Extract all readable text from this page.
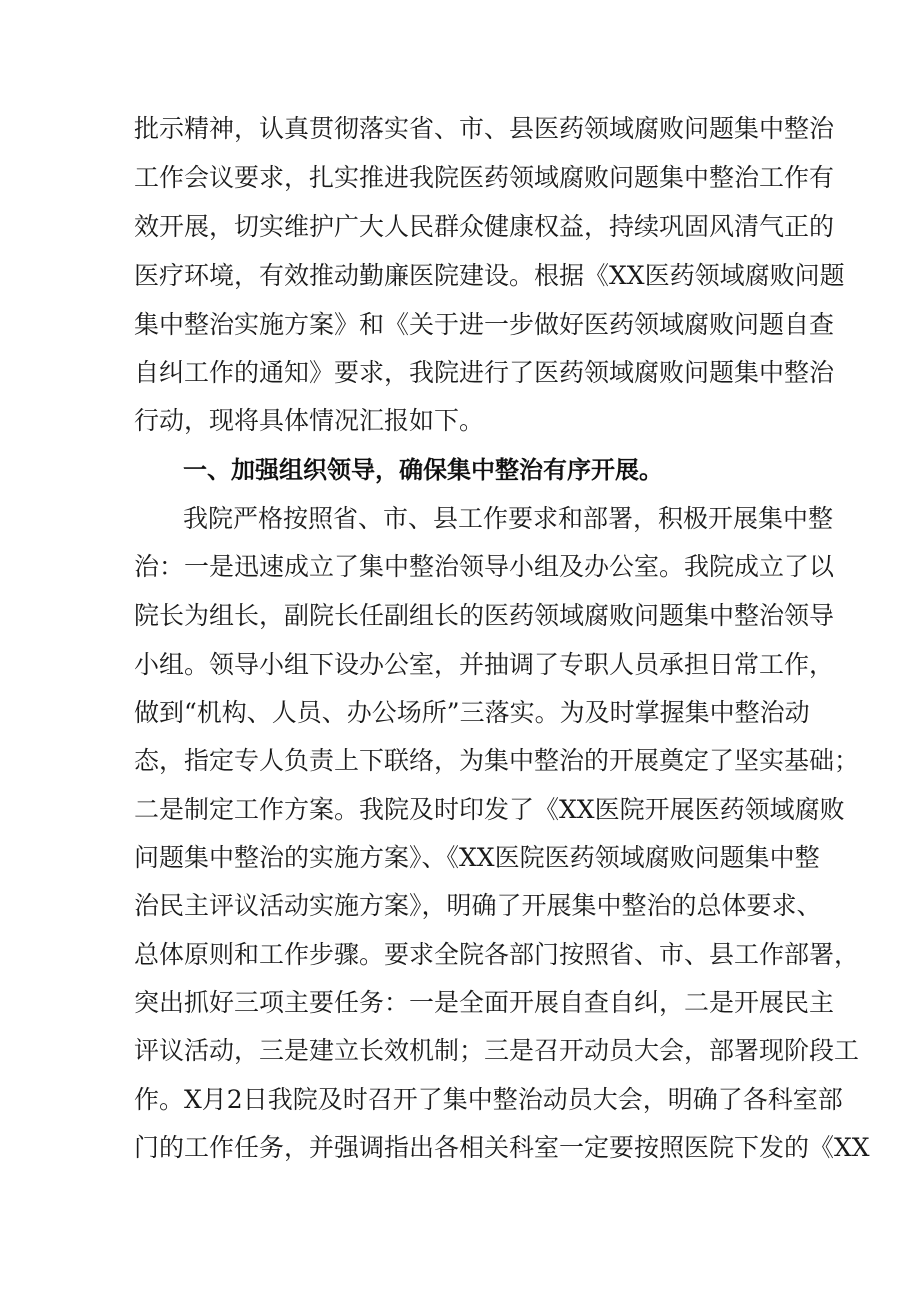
批示精神，认真贯彻落实省、市、县医药领域腐败问题集中整治
工作会议要求，扎实推进我院医药领域腐败问题集中整治工作有
效开展，切实维护广大人民群众健康权益，持续巩固风清气正的
医疗环境，有效推动勤廉医院建设。根据《XX医药领域腐败问题
集中整治实施方案》和《关于进一步做好医药领域腐败问题自查
自纠工作的通知》要求，我院进行了医药领域腐败问题集中整治
行动，现将具体情况汇报如下。
一、加强组织领导，确保集中整治有序开展。
我院严格按照省、市、县工作要求和部署，积极开展集中整
治：一是迅速成立了集中整治领导小组及办公室。我院成立了以
院长为组长，副院长任副组长的医药领域腐败问题集中整治领导
小组。领导小组下设办公室，并抽调了专职人员承担日常工作，
做到“机构、人员、办公场所”三落实。为及时掌握集中整治动
态，指定专人负责上下联络，为集中整治的开展奠定了坚实基础；
二是制定工作方案。我院及时印发了《XX医院开展医药领域腐败
问题集中整治的实施方案》、《XX医院医药领域腐败问题集中整
治民主评议活动实施方案》，明确了开展集中整治的总体要求、
总体原则和工作步骤。要求全院各部门按照省、市、县工作部署，
突出抓好三项主要任务：一是全面开展自查自纠，二是开展民主
评议活动，三是建立长效机制；三是召开动员大会，部署现阶段工
作。X月2日我院及时召开了集中整治动员大会，明确了各科室部
门的工作任务，并强调指出各相关科室一定要按照医院下发的《XX
